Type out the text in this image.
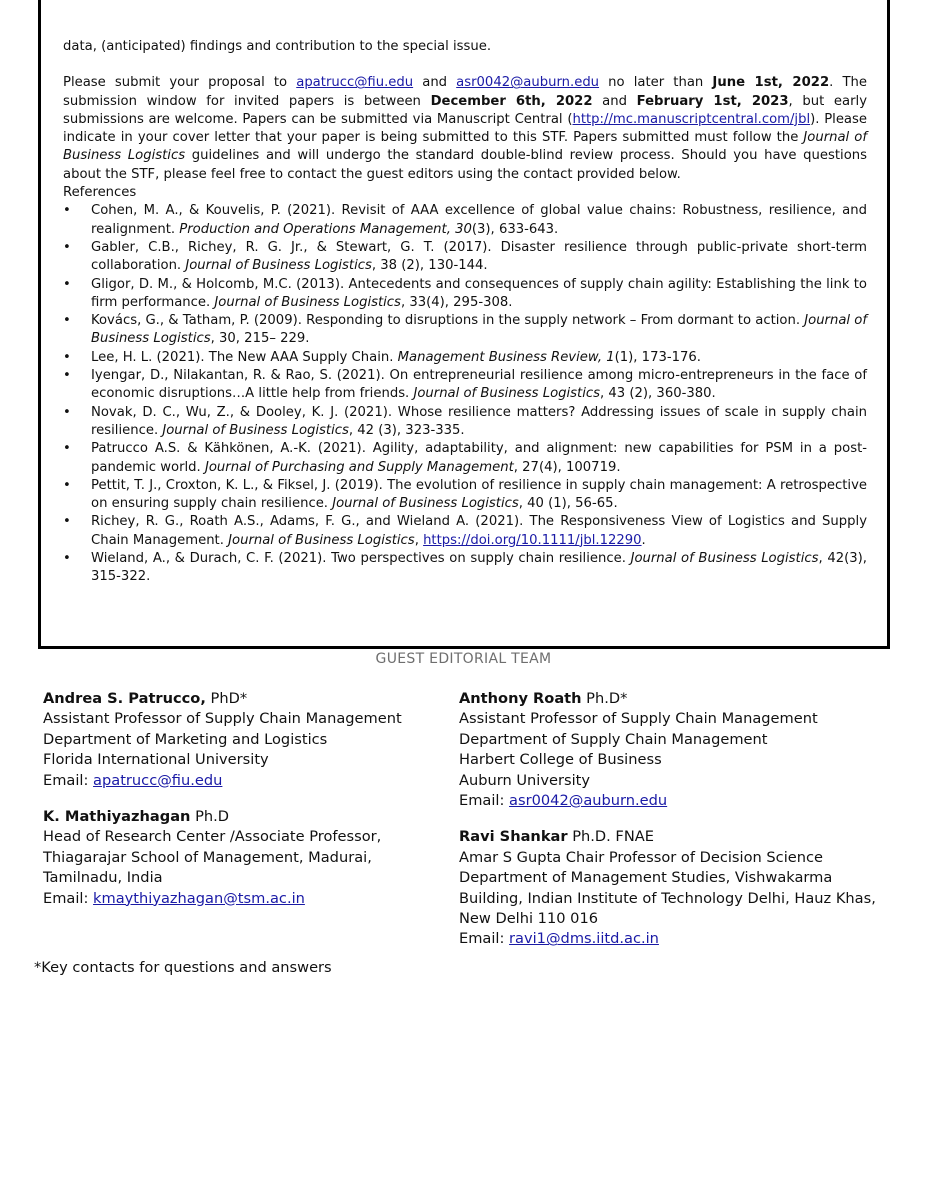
data, (anticipated) findings and contribution to the special issue.

Please submit your proposal to apatrucc@fiu.edu and asr0042@auburn.edu no later than June 1st, 2022. The submission window for invited papers is between December 6th, 2022 and February 1st, 2023, but early submissions are welcome. Papers can be submitted via Manuscript Central (http://mc.manuscriptcentral.com/jbl). Please indicate in your cover letter that your paper is being submitted to this STF. Papers submitted must follow the Journal of Business Logistics guidelines and will undergo the standard double-blind review process. Should you have questions about the STF, please feel free to contact the guest editors using the contact provided below.

References

• Cohen, M. A., & Kouvelis, P. (2021). Revisit of AAA excellence of global value chains: Robustness, resilience, and realignment. Production and Operations Management, 30(3), 633-643.
• Gabler, C.B., Richey, R. G. Jr., & Stewart, G. T. (2017). Disaster resilience through public-private short-term collaboration. Journal of Business Logistics, 38 (2), 130-144.
• Gligor, D. M., & Holcomb, M.C. (2013). Antecedents and consequences of supply chain agility: Establishing the link to firm performance. Journal of Business Logistics, 33(4), 295-308.
• Kovács, G., & Tatham, P. (2009). Responding to disruptions in the supply network – From dormant to action. Journal of Business Logistics, 30, 215– 229.
• Lee, H. L. (2021). The New AAA Supply Chain. Management Business Review, 1(1), 173-176.
• Iyengar, D., Nilakantan, R. & Rao, S. (2021). On entrepreneurial resilience among micro-entrepreneurs in the face of economic disruptions…A little help from friends. Journal of Business Logistics, 43 (2), 360-380.
• Novak, D. C., Wu, Z., & Dooley, K. J. (2021). Whose resilience matters? Addressing issues of scale in supply chain resilience. Journal of Business Logistics, 42 (3), 323-335.
• Patrucco A.S. & Kähkönen, A.-K. (2021). Agility, adaptability, and alignment: new capabilities for PSM in a post-pandemic world. Journal of Purchasing and Supply Management, 27(4), 100719.
• Pettit, T. J., Croxton, K. L., & Fiksel, J. (2019). The evolution of resilience in supply chain management: A retrospective on ensuring supply chain resilience. Journal of Business Logistics, 40 (1), 56-65.
• Richey, R. G., Roath A.S., Adams, F. G., and Wieland A. (2021). The Responsiveness View of Logistics and Supply Chain Management. Journal of Business Logistics, https://doi.org/10.1111/jbl.12290.
• Wieland, A., & Durach, C. F. (2021). Two perspectives on supply chain resilience. Journal of Business Logistics, 42(3), 315-322.
GUEST EDITORIAL TEAM
Andrea S. Patrucco, PhD*
Assistant Professor of Supply Chain Management
Department of Marketing and Logistics
Florida International University
Email: apatrucc@fiu.edu
K. Mathiyazhagan Ph.D
Head of Research Center /Associate Professor,
Thiagarajar School of Management, Madurai,
Tamilnadu, India
Email: kmaythiyazhagan@tsm.ac.in
Anthony Roath Ph.D*
Assistant Professor of Supply Chain Management
Department of Supply Chain Management
Harbert College of Business
Auburn University
Email: asr0042@auburn.edu
Ravi Shankar Ph.D. FNAE
Amar S Gupta Chair Professor of Decision Science
Department of Management Studies, Vishwakarma
Building, Indian Institute of Technology Delhi, Hauz Khas,
New Delhi 110 016
Email: ravi1@dms.iitd.ac.in
*Key contacts for questions and answers
